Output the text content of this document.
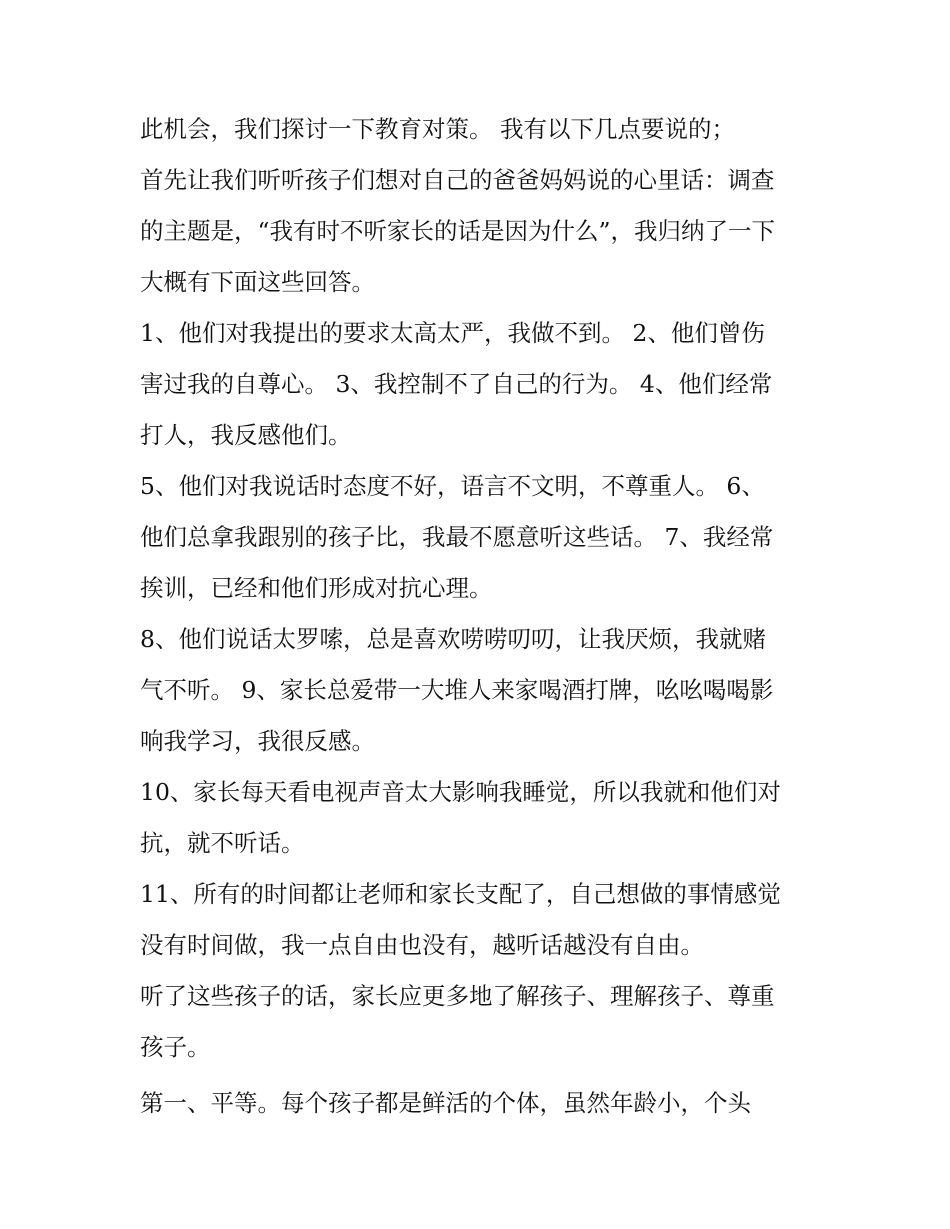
此机会，我们探讨一下教育对策。 我有以下几点要说的；
首先让我们听听孩子们想对自己的爸爸妈妈说的心里话：调查
的主题是，“我有时不听家长的话是因为什么”，我归纳了一下
大概有下面这些回答。
1、他们对我提出的要求太高太严，我做不到。 2、他们曾伤
害过我的自尊心。 3、我控制不了自己的行为。 4、他们经常
打人，我反感他们。
5、他们对我说话时态度不好，语言不文明，不尊重人。 6、
他们总拿我跟别的孩子比，我最不愿意听这些话。 7、我经常
挨训，已经和他们形成对抗心理。
8、他们说话太罗嗦，总是喜欢唠唠叨叨，让我厌烦，我就赌
气不听。 9、家长总爱带一大堆人来家喝酒打牌，吆吆喝喝影
响我学习，我很反感。
10、家长每天看电视声音太大影响我睡觉，所以我就和他们对
抗，就不听话。
11、所有的时间都让老师和家长支配了，自己想做的事情感觉
没有时间做，我一点自由也没有，越听话越没有自由。
听了这些孩子的话，家长应更多地了解孩子、理解孩子、尊重
孩子。
第一、平等。每个孩子都是鲜活的个体，虽然年龄小，个头
